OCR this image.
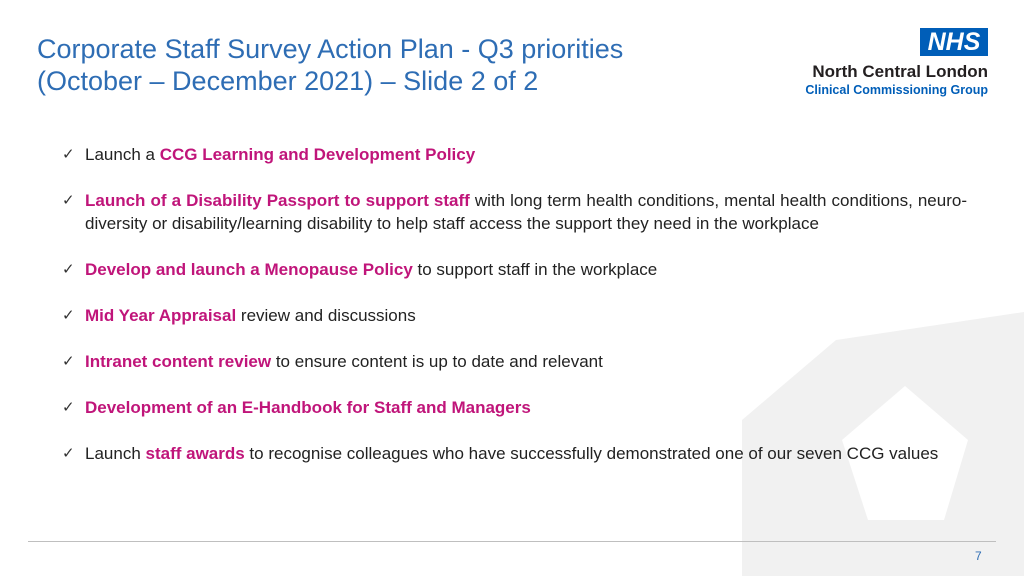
Corporate Staff Survey Action Plan - Q3 priorities
(October – December 2021) – Slide 2 of 2
NHS
North Central London
Clinical Commissioning Group
✓ Launch a CCG Learning and Development Policy
✓ Launch of a Disability Passport to support staff with long term health conditions, mental health conditions, neuro-diversity or disability/learning disability to help staff access the support they need in the workplace
✓ Develop and launch a Menopause Policy to support staff in the workplace
✓ Mid Year Appraisal review and discussions
✓ Intranet content review to ensure content is up to date and relevant
✓ Development of an E-Handbook for Staff and Managers
✓ Launch staff awards to recognise colleagues who have successfully demonstrated one of our seven CCG values
7
